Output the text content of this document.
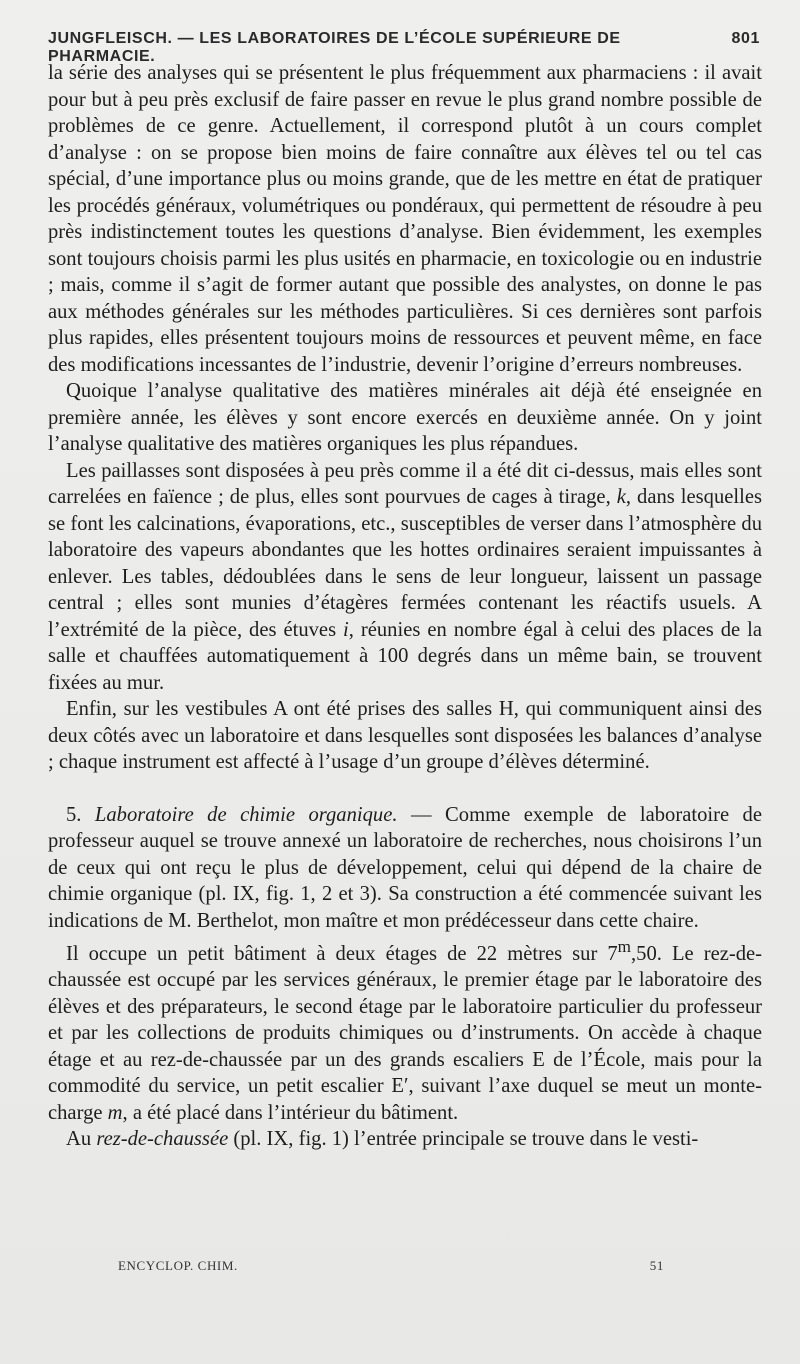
JUNGFLEISCH. — LES LABORATOIRES DE L’ÉCOLE SUPÉRIEURE DE PHARMACIE.
801

la série des analyses qui se présentent le plus fréquemment aux pharmaciens : il avait pour but à peu près exclusif de faire passer en revue le plus grand nombre possible de problèmes de ce genre. Actuellement, il correspond plutôt à un cours complet d’analyse : on se propose bien moins de faire connaître aux élèves tel ou tel cas spécial, d’une importance plus ou moins grande, que de les mettre en état de pratiquer les procédés généraux, volumétriques ou pondéraux, qui permettent de résoudre à peu près indistinctement toutes les questions d’analyse. Bien évidemment, les exemples sont toujours choisis parmi les plus usités en pharmacie, en toxicologie ou en industrie ; mais, comme il s’agit de former autant que possible des analystes, on donne le pas aux méthodes générales sur les méthodes particulières. Si ces dernières sont parfois plus rapides, elles présentent toujours moins de ressources et peuvent même, en face des modifications incessantes de l’industrie, devenir l’origine d’erreurs nombreuses.

Quoique l’analyse qualitative des matières minérales ait déjà été enseignée en première année, les élèves y sont encore exercés en deuxième année. On y joint l’analyse qualitative des matières organiques les plus répandues.

Les paillasses sont disposées à peu près comme il a été dit ci-dessus, mais elles sont carrelées en faïence ; de plus, elles sont pourvues de cages à tirage, k, dans lesquelles se font les calcinations, évaporations, etc., susceptibles de verser dans l’atmosphère du laboratoire des vapeurs abondantes que les hottes ordinaires seraient impuissantes à enlever. Les tables, dédoublées dans le sens de leur longueur, laissent un passage central ; elles sont munies d’étagères fermées contenant les réactifs usuels. A l’extrémité de la pièce, des étuves i, réunies en nombre égal à celui des places de la salle et chauffées automatiquement à 100 degrés dans un même bain, se trouvent fixées au mur.

Enfin, sur les vestibules A ont été prises des salles H, qui communiquent ainsi des deux côtés avec un laboratoire et dans lesquelles sont disposées les balances d’analyse ; chaque instrument est affecté à l’usage d’un groupe d’élèves déterminé.

5. Laboratoire de chimie organique. — Comme exemple de laboratoire de professeur auquel se trouve annexé un laboratoire de recherches, nous choisirons l’un de ceux qui ont reçu le plus de développement, celui qui dépend de la chaire de chimie organique (pl. IX, fig. 1, 2 et 3). Sa construction a été commencée suivant les indications de M. Berthelot, mon maître et mon prédécesseur dans cette chaire.

Il occupe un petit bâtiment à deux étages de 22 mètres sur 7$^m$,50. Le rez-de-chaussée est occupé par les services généraux, le premier étage par le laboratoire des élèves et des préparateurs, le second étage par le laboratoire particulier du professeur et par les collections de produits chimiques ou d’instruments. On accède à chaque étage et au rez-de-chaussée par un des grands escaliers E de l’École, mais pour la commodité du service, un petit escalier E′, suivant l’axe duquel se meut un monte-charge m, a été placé dans l’intérieur du bâtiment.

Au rez-de-chaussée (pl. IX, fig. 1) l’entrée principale se trouve dans le vesti-

ENCYCLOP. CHIM.	51
